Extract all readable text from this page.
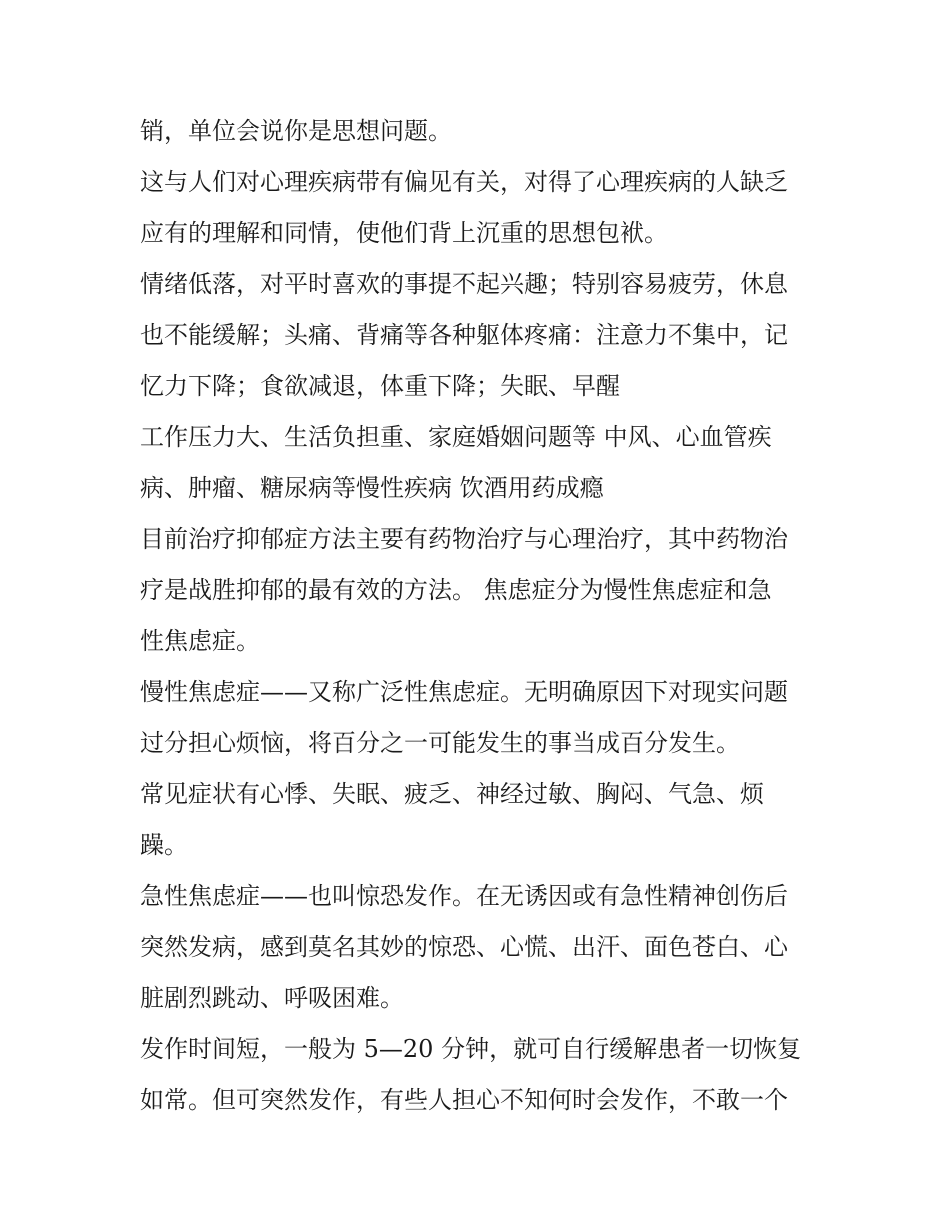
销，单位会说你是思想问题。
这与人们对心理疾病带有偏见有关，对得了心理疾病的人缺乏
应有的理解和同情，使他们背上沉重的思想包袱。
情绪低落，对平时喜欢的事提不起兴趣；特别容易疲劳，休息
也不能缓解；头痛、背痛等各种躯体疼痛：注意力不集中，记
忆力下降；食欲减退，体重下降；失眠、早醒
工作压力大、生活负担重、家庭婚姻问题等 中风、心血管疾
病、肿瘤、糖尿病等慢性疾病 饮酒用药成瘾
目前治疗抑郁症方法主要有药物治疗与心理治疗，其中药物治
疗是战胜抑郁的最有效的方法。 焦虑症分为慢性焦虑症和急
性焦虑症。
慢性焦虑症——又称广泛性焦虑症。无明确原因下对现实问题
过分担心烦恼，将百分之一可能发生的事当成百分发生。
常见症状有心悸、失眠、疲乏、神经过敏、胸闷、气急、烦
躁。
急性焦虑症——也叫惊恐发作。在无诱因或有急性精神创伤后
突然发病，感到莫名其妙的惊恐、心慌、出汗、面色苍白、心
脏剧烈跳动、呼吸困难。
发作时间短，一般为 5—20 分钟，就可自行缓解患者一切恢复
如常。但可突然发作，有些人担心不知何时会发作，不敢一个
